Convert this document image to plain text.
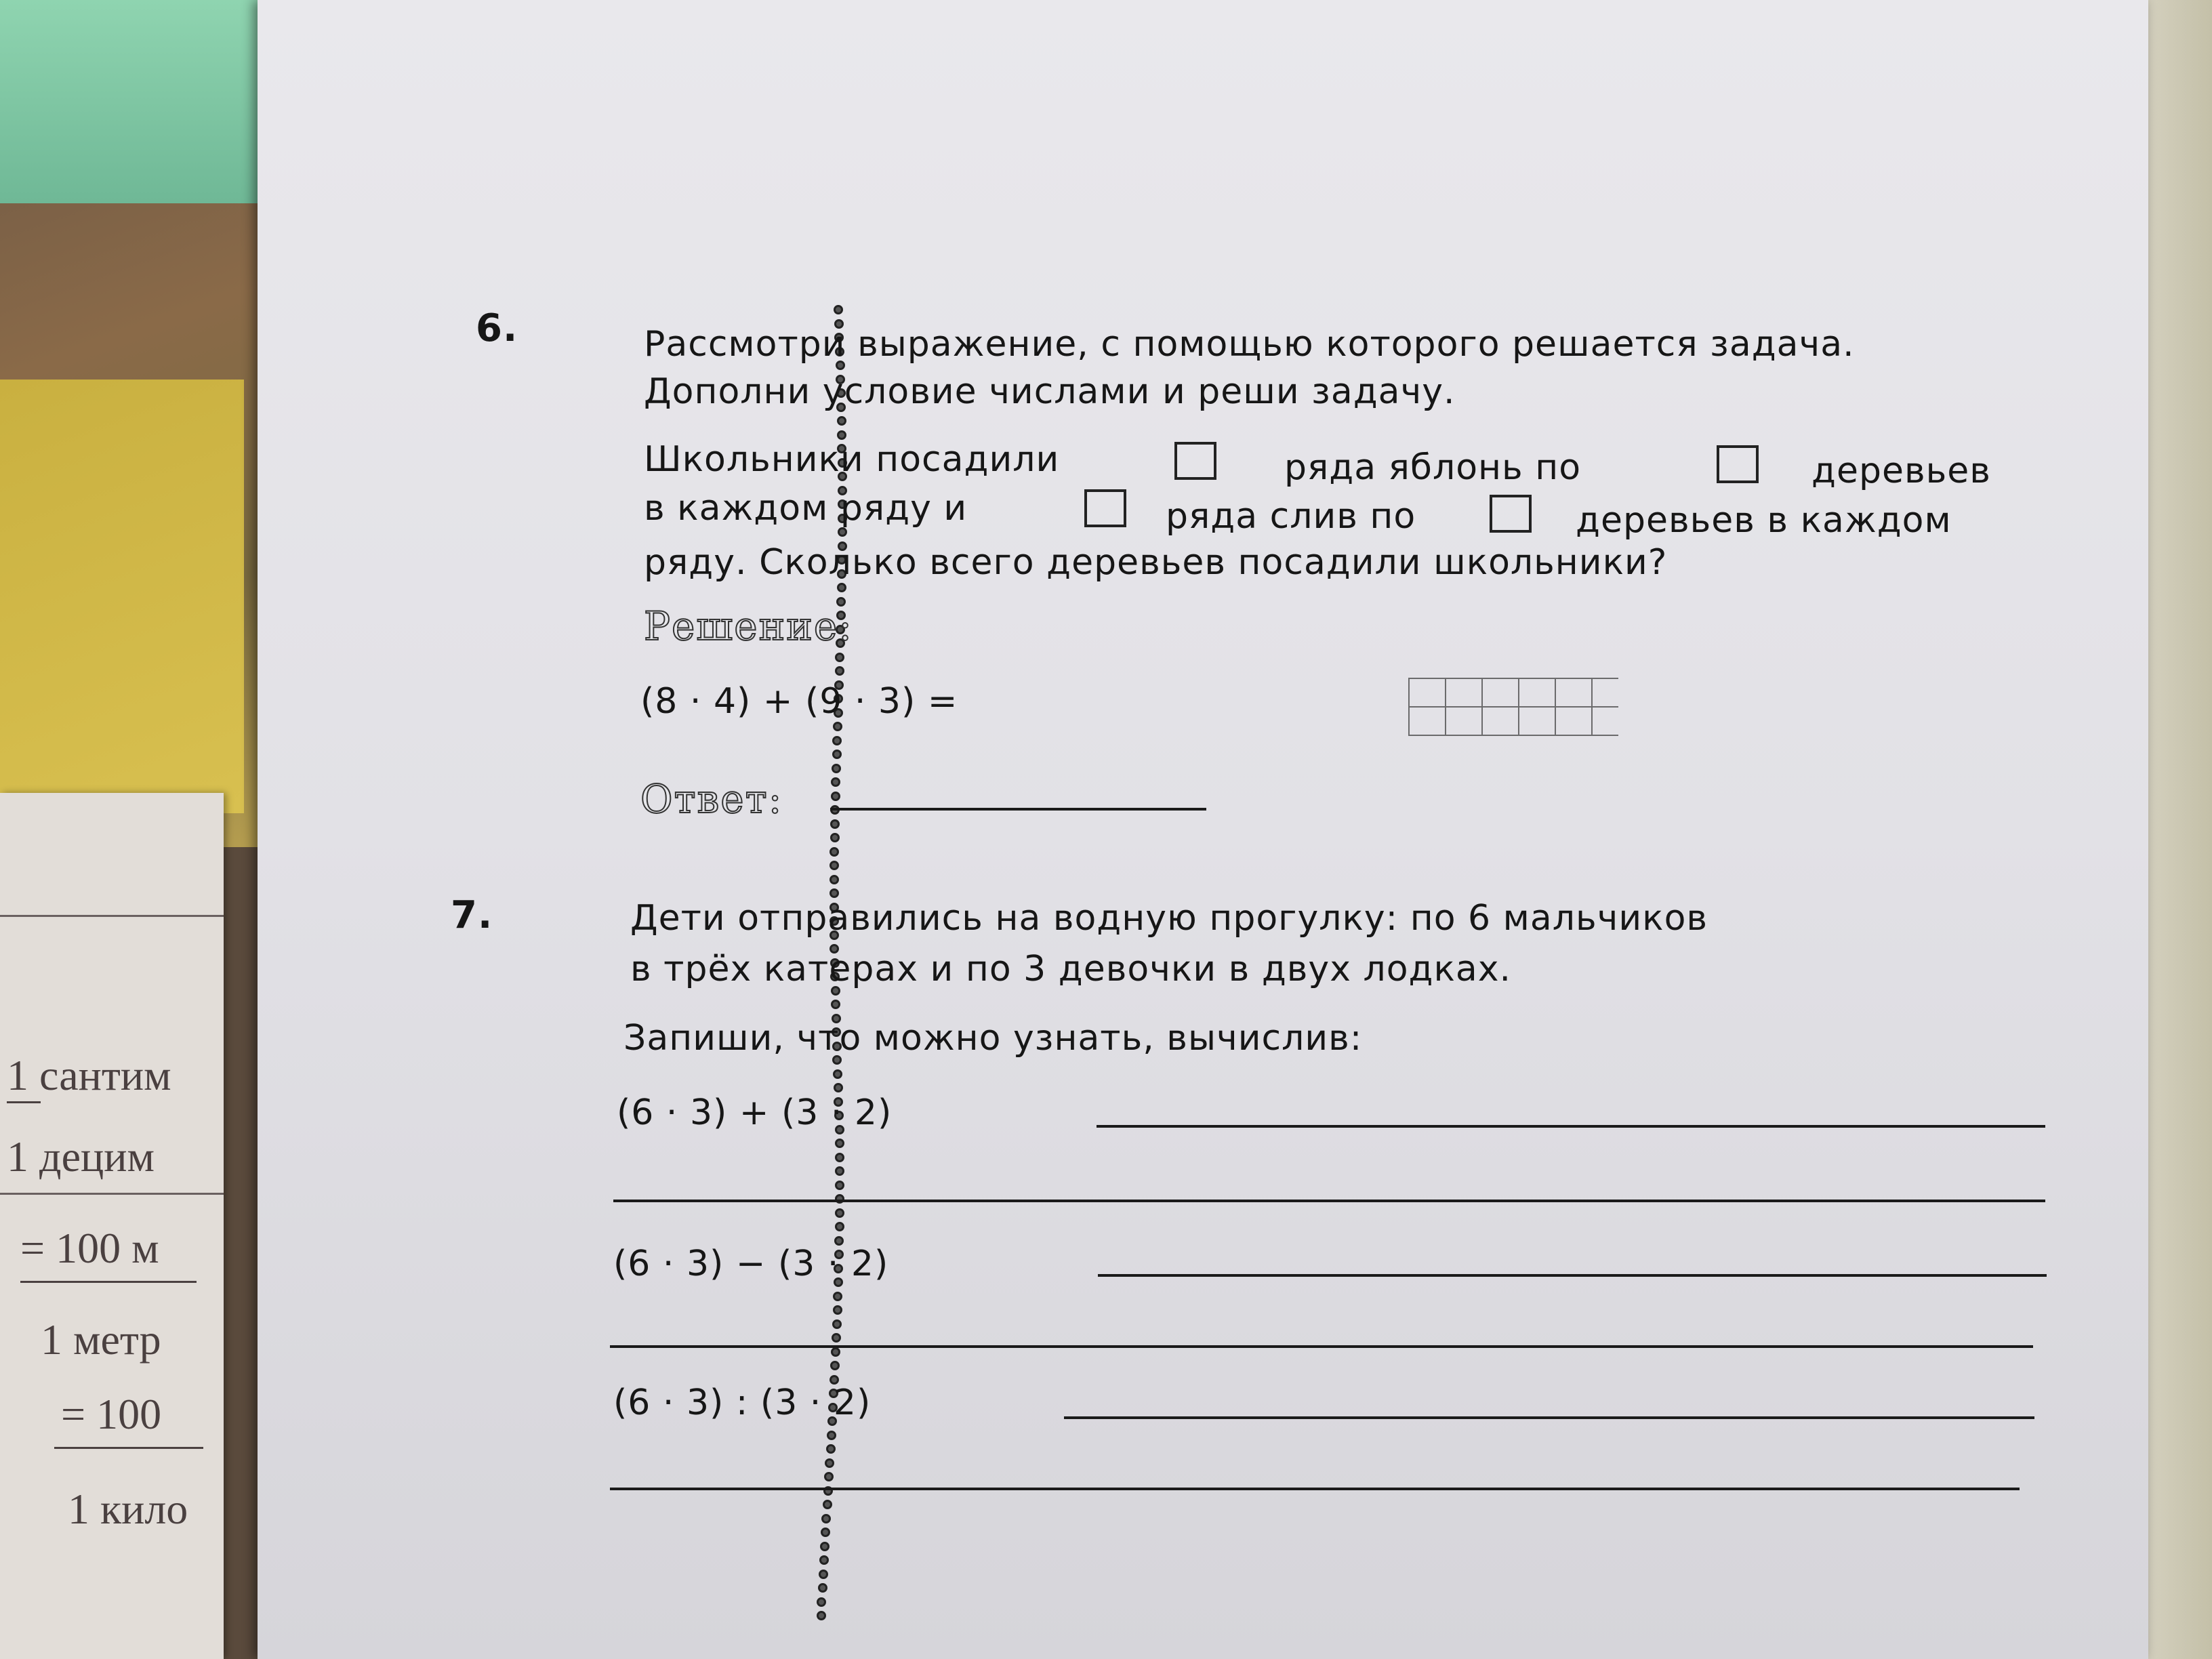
1 сантим
1 децим
= 100 м
1 метр
= 100
1 кило
6.	Рассмотри выражение, с помощью которого решается задача.
Дополни условие числами и реши задачу.
Школьники посадили	ряда яблонь по	деревьев
в каждом ряду и	ряда слив по	деревьев в каждом
ряду. Сколько всего деревьев посадили школьники?
Решение:
(8 · 4) + (9 · 3) =
Ответ:
7.	Дети отправились на водную прогулку: по 6 мальчиков
в трёх катерах и по 3 девочки в двух лодках.
Запиши, что можно узнать, вычислив:
(6 · 3) + (3 · 2)
(6 · 3) − (3 · 2)
(6 · 3) : (3 · 2)
